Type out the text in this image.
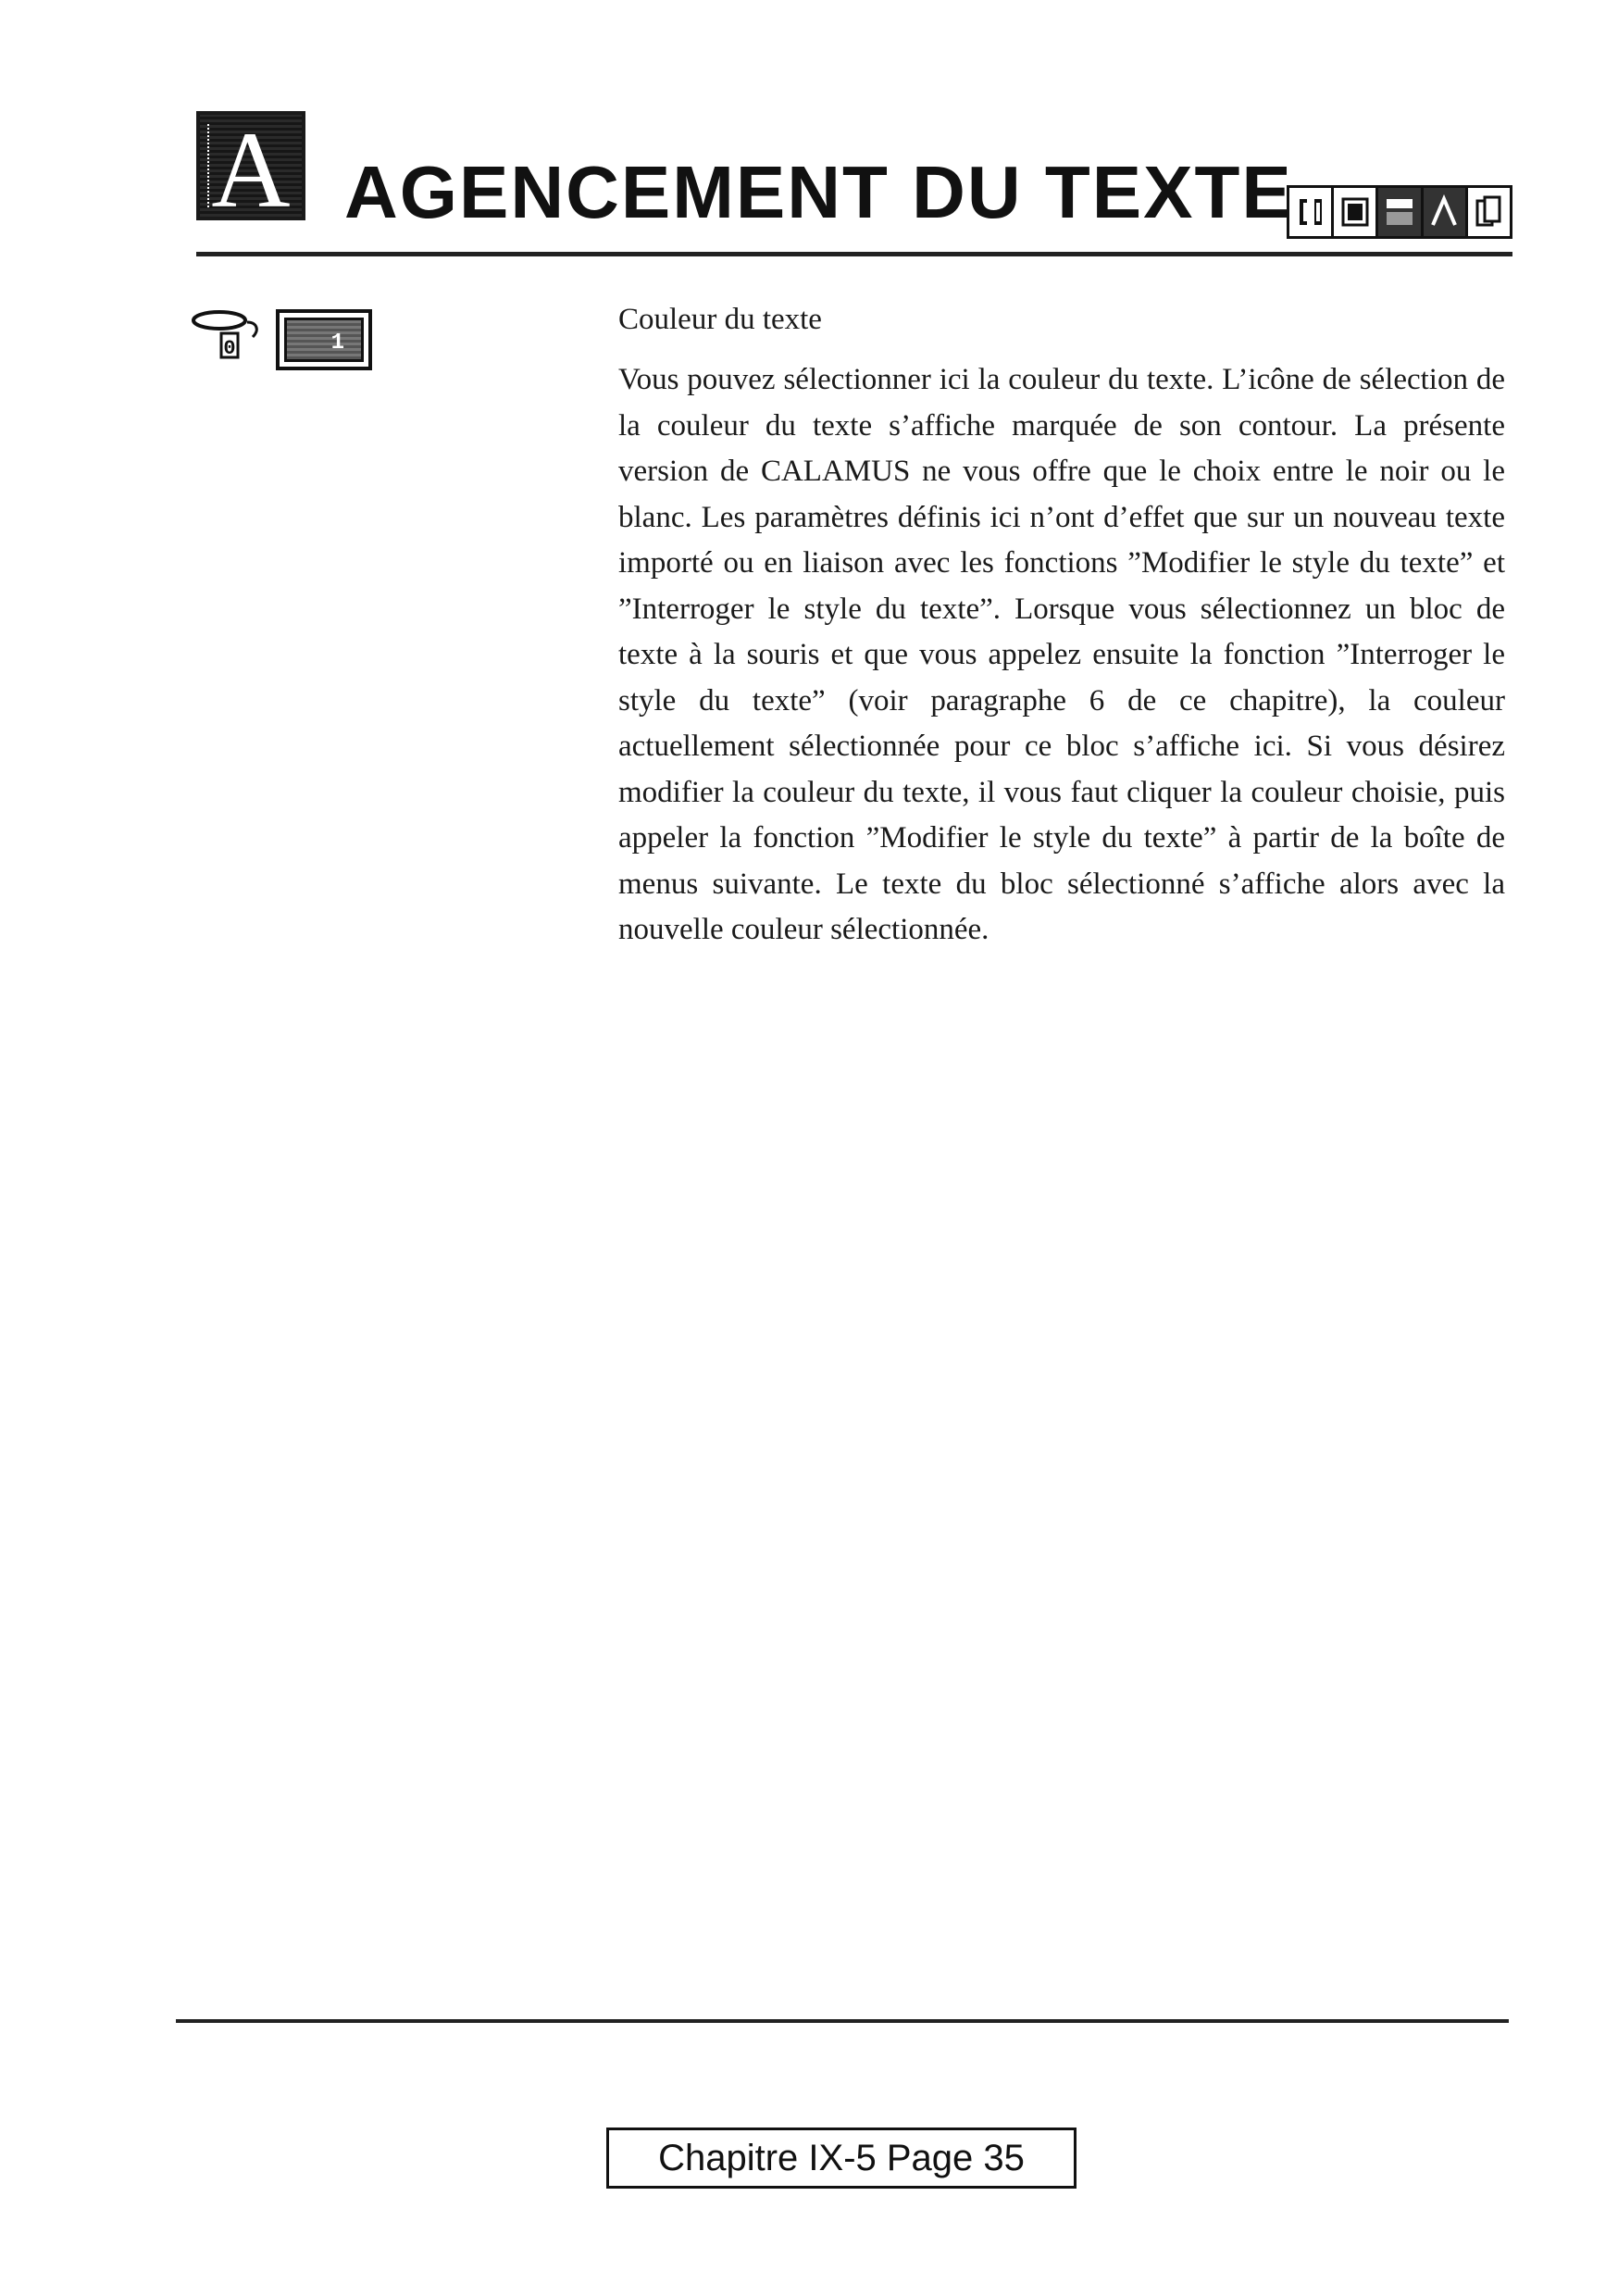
A AGENCEMENT DU TEXTE
0	1
Couleur du texte

Vous pouvez sélectionner ici la couleur du texte. L’icône de sélection de la couleur du texte s’affiche marquée de son contour. La présente version de CALAMUS ne vous offre que le choix entre le noir ou le blanc. Les paramètres définis ici n’ont d’effet que sur un nouveau texte importé ou en liaison avec les fonctions ”Modifier le style du texte” et ”Interroger le style du texte”. Lorsque vous sélectionnez un bloc de texte à la souris et que vous appelez ensuite la fonction ”Interroger le style du texte” (voir paragraphe 6 de ce chapitre), la couleur actuellement sélectionnée pour ce bloc s’affiche ici. Si vous désirez modifier la couleur du texte, il vous faut cliquer la couleur choisie, puis appeler la fonction ”Modifier le style du texte” à partir de la boîte de menus suivante. Le texte du bloc sélectionné s’affiche alors avec la nouvelle couleur sélectionnée.

Chapitre IX-5 Page 35
